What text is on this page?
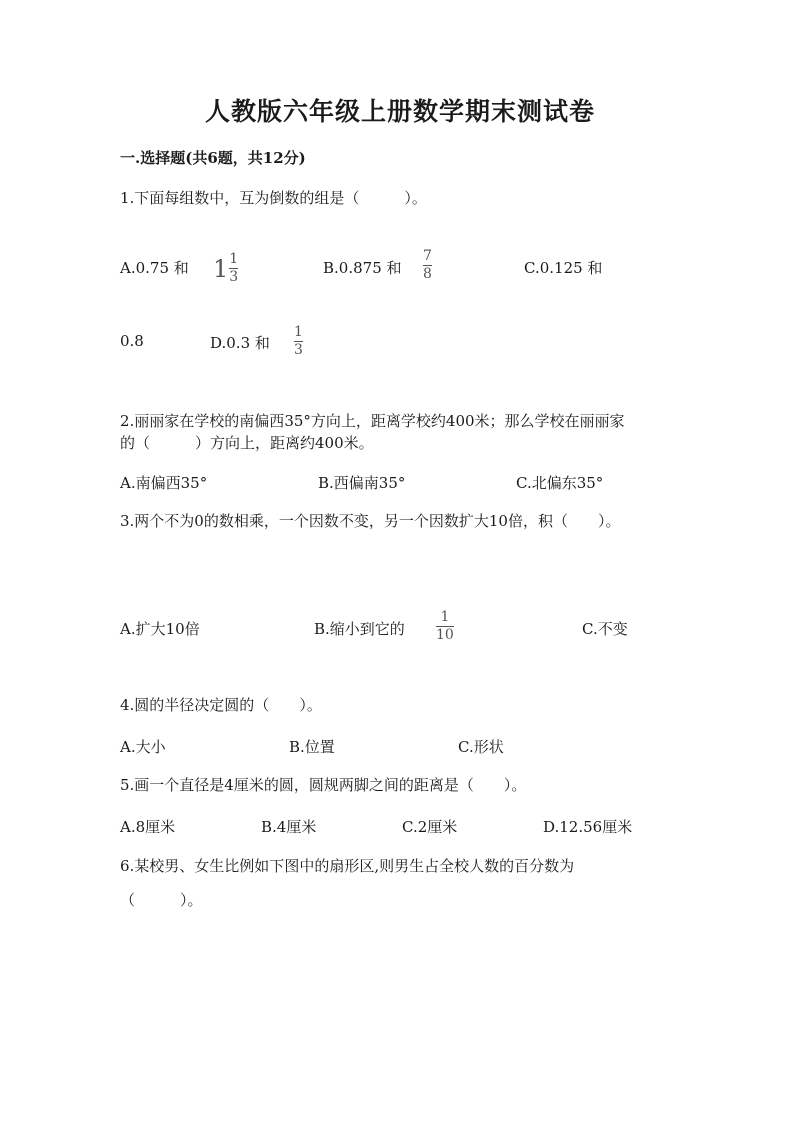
人教版六年级上册数学期末测试卷
一.选择题(共6题，共12分)
1.下面每组数中，互为倒数的组是（　　　）。
A.0.75 和 $1 \frac{1}{3}$	B.0.875 和
7
8	C.0.125 和
0.8	D.0.3 和
1
3
2.丽丽家在学校的南偏西35°方向上，距离学校约400米；那么学校在丽丽家
的（　　　）方向上，距离约400米。
A.南偏西35°	B.西偏南35°	C.北偏东35°
3.两个不为0的数相乘，一个因数不变，另一个因数扩大10倍，积（　　）。
A.扩大10倍	B.缩小到它的
1
10	C.不变
4.圆的半径决定圆的（　　）。
A.大小	B.位置	C.形状
5.画一个直径是4厘米的圆，圆规两脚之间的距离是（　　）。
A.8厘米	B.4厘米	C.2厘米	D.12.56厘米
6.某校男、女生比例如下图中的扇形区,则男生占全校人数的百分数为
（　　　）。
